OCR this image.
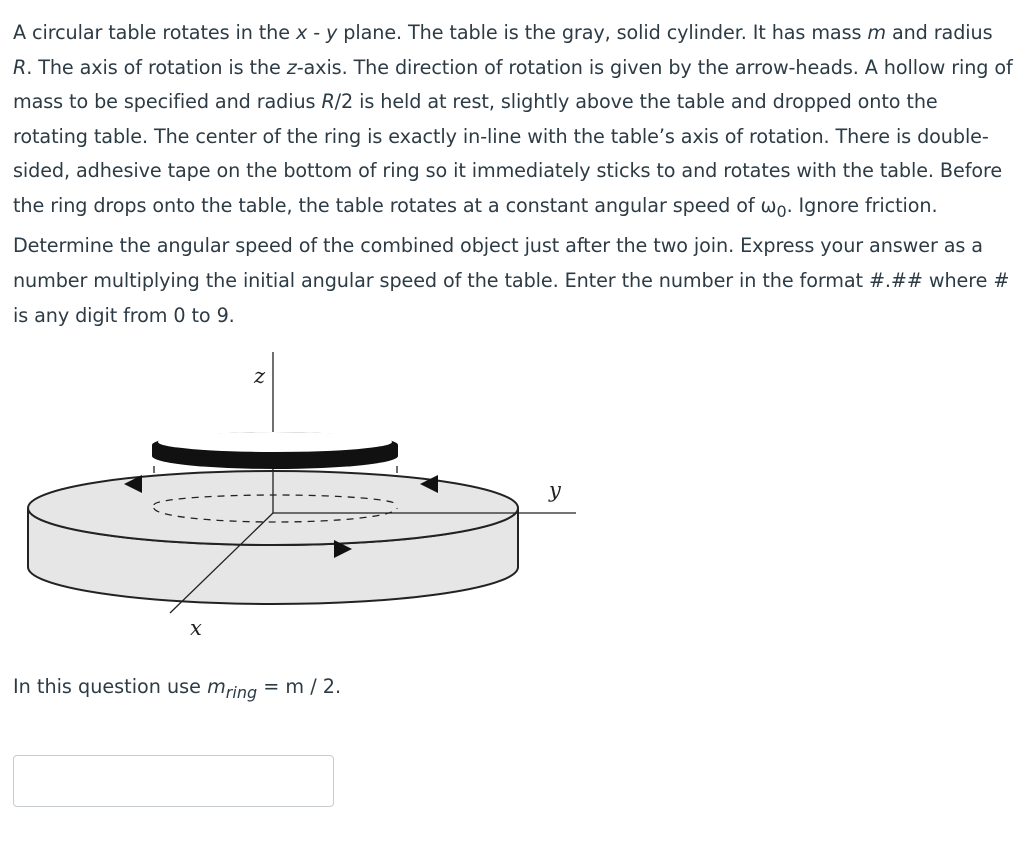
A circular table rotates in the x - y plane. The table is the gray, solid cylinder. It has mass m and radius R. The axis of rotation is the z-axis. The direction of rotation is given by the arrow-heads. A hollow ring of mass to be specified and radius R/2 is held at rest, slightly above the table and dropped onto the rotating table. The center of the ring is exactly in-line with the table’s axis of rotation. There is double-sided, adhesive tape on the bottom of ring so it immediately sticks to and rotates with the table. Before the ring drops onto the table, the table rotates at a constant angular speed of $\omega_0$. Ignore friction. Determine the angular speed of the combined object just after the two join. Express your answer as a number multiplying the initial angular speed of the table. Enter the number in the format #.## where # is any digit from 0 to 9.

z
y
x
In this question use $m_{ring} = m / 2$.
